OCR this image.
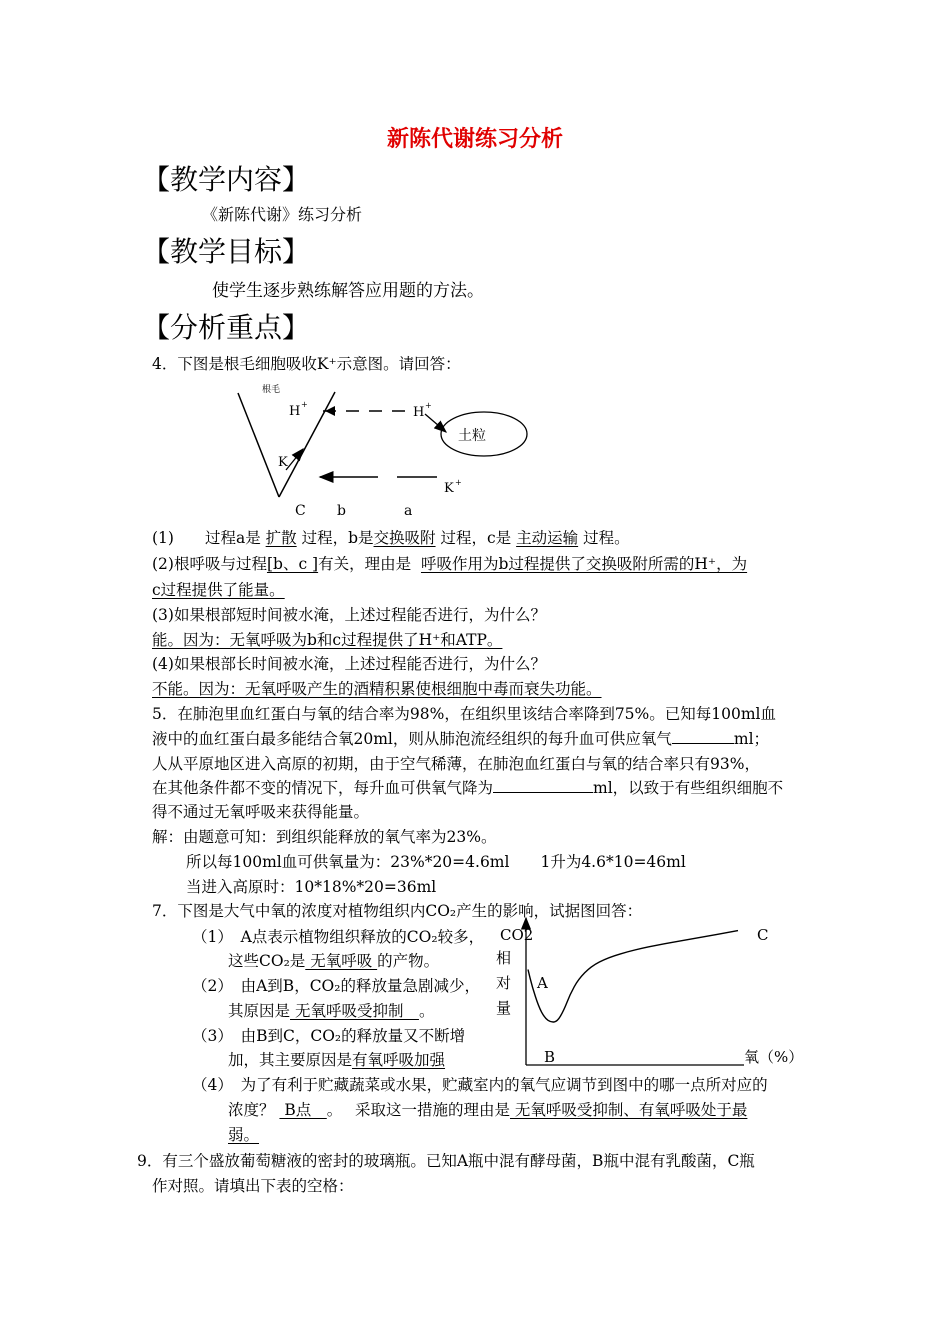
新陈代谢练习分析
【教学内容】
《新陈代谢》练习分析
【教学目标】
使学生逐步熟练解答应用题的方法。
【分析重点】
4．下图是根毛细胞吸收K⁺示意图。请回答：
根毛
H +
H +
土粒
K
K +
C b	a
(1)　　过程a是 扩散 过程，b是交换吸附 过程，c是 主动运输 过程。
(2)根呼吸与过程[b、c ]有关，理由是 呼吸作用为b过程提供了交换吸附所需的H⁺，为
c过程提供了能量。
(3)如果根部短时间被水淹，上述过程能否进行，为什么？
能。因为：无氧呼吸为b和c过程提供了H⁺和ATP。
(4)如果根部长时间被水淹，上述过程能否进行，为什么？
不能。因为：无氧呼吸产生的酒精积累使根细胞中毒而衰失功能。
5．在肺泡里血红蛋白与氧的结合率为98%，在组织里该结合率降到75%。已知每100ml血
液中的血红蛋白最多能结合氧20ml，则从肺泡流经组织的每升血可供应氧气	ml；
人从平原地区进入高原的初期，由于空气稀薄，在肺泡血红蛋白与氧的结合率只有93%，
在其他条件都不变的情况下，每升血可供氧气降为	ml，以致于有些组织细胞不
得不通过无氧呼吸来获得能量。
解：由题意可知：到组织能释放的氧气率为23%。
所以每100ml血可供氧量为：23%*20=4.6ml　　1升为4.6*10=46ml
当进入高原时：10*18%*20=36ml
7．下图是大气中氧的浓度对植物组织内CO₂产生的影响，试据图回答：
（1）　A点表示植物组织释放的CO₂较多，
这些CO₂是 无氧呼吸 的产物。
（2）　由A到B，CO₂的释放量急剧减少，
其原因是 无氧呼吸受抑制　。
（3）　由B到C，CO₂的释放量又不断增
加，其主要原因是有氧呼吸加强
CO2
相
对
量
A
B
C
氧（%）
（4）　为了有利于贮藏蔬菜或水果，贮藏室内的氧气应调节到图中的哪一点所对应的
浓度？  B点　。　 采取这一措施的理由是 无氧呼吸受抑制、有氧呼吸处于最
弱。
9．有三个盛放葡萄糖液的密封的玻璃瓶。已知A瓶中混有酵母菌，B瓶中混有乳酸菌，C瓶
作对照。请填出下表的空格：
